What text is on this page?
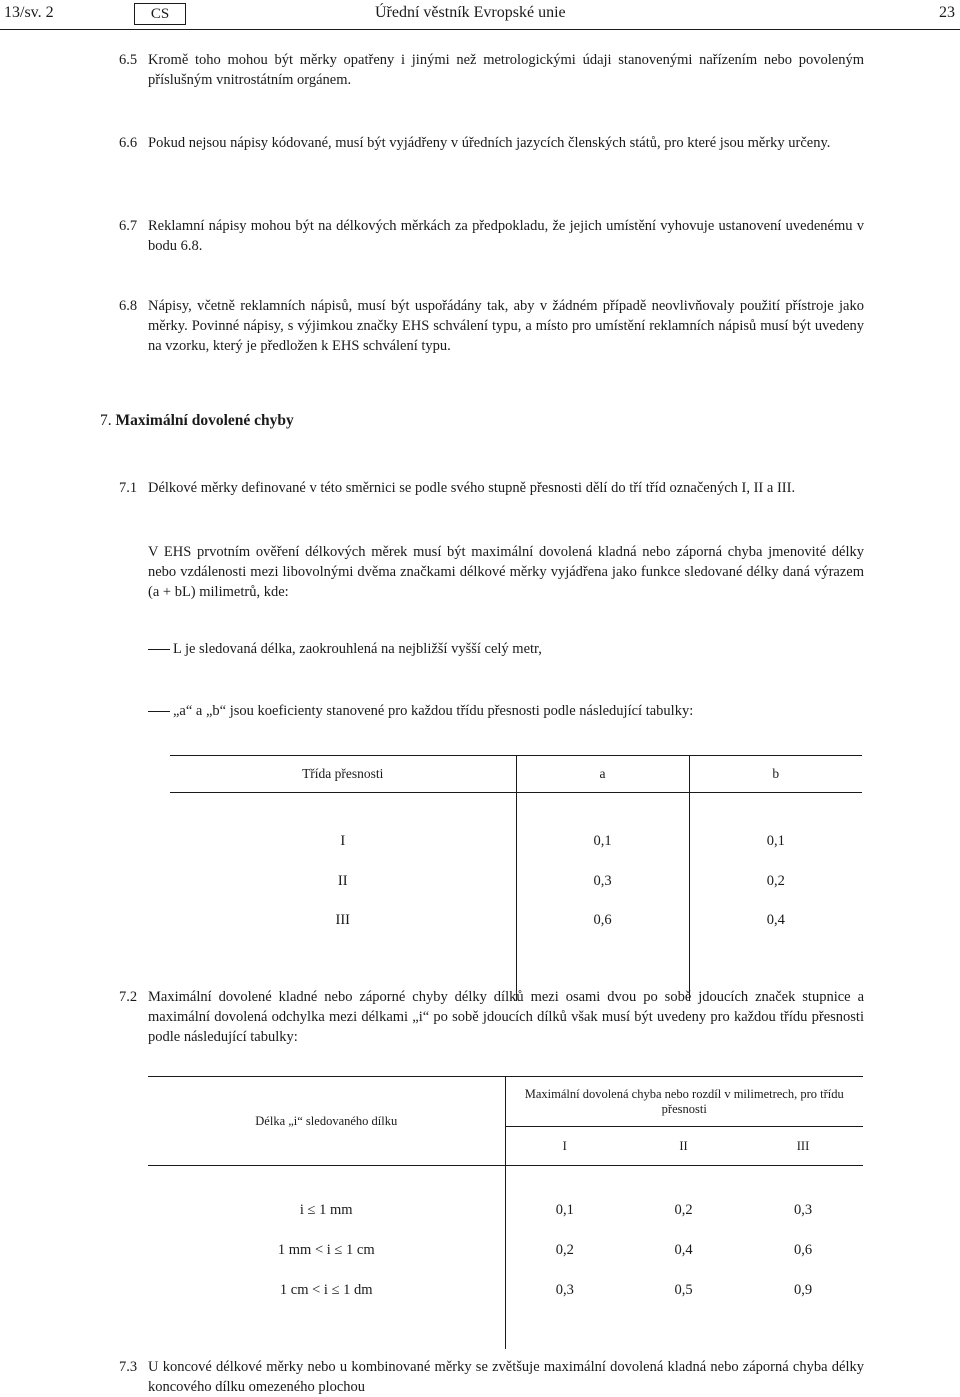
13/sv. 2	CS	Úřední věstník Evropské unie	23
6.5 Kromě toho mohou být měrky opatřeny i jinými než metrologickými údaji stanovenými nařízením nebo povoleným příslušným vnitrostátním orgánem.
6.6 Pokud nejsou nápisy kódované, musí být vyjádřeny v úředních jazycích členských států, pro které jsou měrky určeny.
6.7 Reklamní nápisy mohou být na délkových měrkách za předpokladu, že jejich umístění vyhovuje ustanovení uvedenému v bodu 6.8.
6.8 Nápisy, včetně reklamních nápisů, musí být uspořádány tak, aby v žádném případě neovlivňovaly použití přístroje jako měrky. Povinné nápisy, s výjimkou značky EHS schválení typu, a místo pro umístění reklamních nápisů musí být uvedeny na vzorku, který je předložen k EHS schválení typu.
7. Maximální dovolené chyby
7.1 Délkové měrky definované v této směrnici se podle svého stupně přesnosti dělí do tří tříd označených I, II a III.
V EHS prvotním ověření délkových měrek musí být maximální dovolená kladná nebo záporná chyba jmenovité délky nebo vzdálenosti mezi libovolnými dvěma značkami délkové měrky vyjádřena jako funkce sledované délky daná výrazem (a + bL) milimetrů, kde:
L je sledovaná délka, zaokrouhlená na nejbližší vyšší celý metr,
„a“ a „b“ jsou koeficienty stanovené pro každou třídu přesnosti podle následující tabulky:
Třída přesnosti	a	b

I	0,1	0,1
II	0,3	0,2
III	0,6	0,4

7.2 Maximální dovolené kladné nebo záporné chyby délky dílků mezi osami dvou po sobě jdoucích značek stupnice a maximální dovolená odchylka mezi délkami „i“ po sobě jdoucích dílků však musí být uvedeny pro každou třídu přesnosti podle následující tabulky:
Délka „i“ sledovaného dílku	Maximální dovolená chyba nebo rozdíl v milimetrech, pro třídu přesnosti		
	I	II	III

i ≤ 1 mm	0,1	0,2	0,3
1 mm < i ≤ 1 cm	0,2	0,4	0,6
1 cm < i ≤ 1 dm	0,3	0,5	0,9

7.3 U koncové délkové měrky nebo u kombinované měrky se zvětšuje maximální dovolená kladná nebo záporná chyba délky koncového dílku omezeného plochou
